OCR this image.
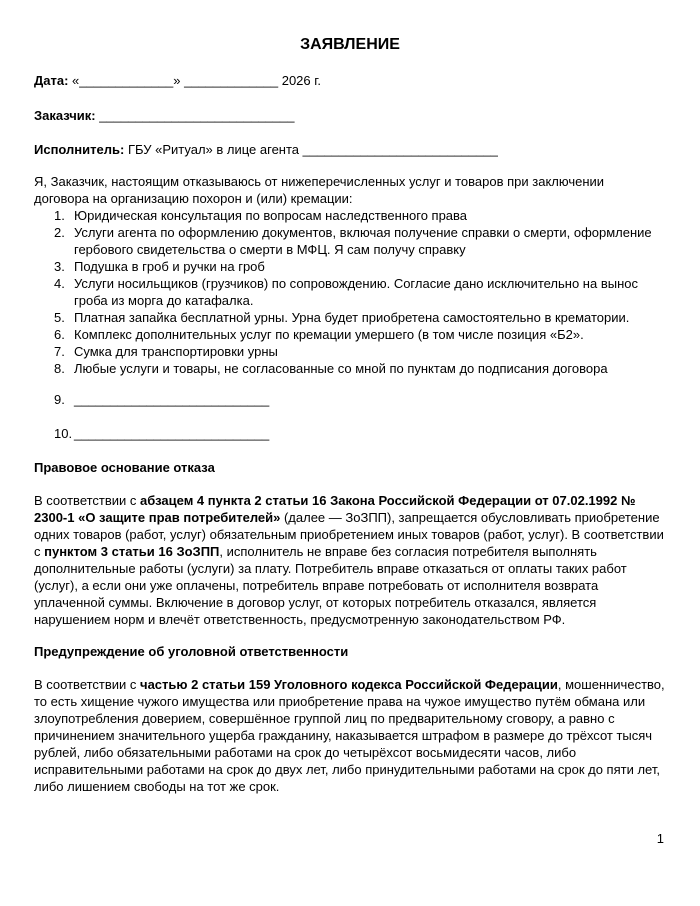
ЗАЯВЛЕНИЕ
Дата: «_____________» _____________ 2026 г.
Заказчик: ___________________________
Исполнитель: ГБУ «Ритуал» в лице агента ___________________________
Я, Заказчик, настоящим отказываюсь от нижеперечисленных услуг и товаров при заключении договора на организацию похорон и (или) кремации:
1. Юридическая консультация по вопросам наследственного права
2. Услуги агента по оформлению документов, включая получение справки о смерти, оформление гербового свидетельства о смерти в МФЦ. Я сам получу справку
3. Подушка в гроб и ручки на гроб
4. Услуги носильщиков (грузчиков) по сопровождению. Согласие дано исключительно на вынос гроба из морга до катафалка.
5. Платная запайка бесплатной урны. Урна будет приобретена самостоятельно в крематории.
6. Комплекс дополнительных услуг по кремации умершего (в том числе позиция «Б2».
7. Сумка для транспортировки урны
8. Любые услуги и товары, не согласованные со мной по пунктам до подписания договора
9. ___________________________
10. ___________________________
Правовое основание отказа
В соответствии с абзацем 4 пункта 2 статьи 16 Закона Российской Федерации от 07.02.1992 № 2300-1 «О защите прав потребителей» (далее — ЗоЗПП), запрещается обусловливать приобретение одних товаров (работ, услуг) обязательным приобретением иных товаров (работ, услуг). В соответствии с пунктом 3 статьи 16 ЗоЗПП, исполнитель не вправе без согласия потребителя выполнять дополнительные работы (услуги) за плату. Потребитель вправе отказаться от оплаты таких работ (услуг), а если они уже оплачены, потребитель вправе потребовать от исполнителя возврата уплаченной суммы. Включение в договор услуг, от которых потребитель отказался, является нарушением норм и влечёт ответственность, предусмотренную законодательством РФ.
Предупреждение об уголовной ответственности
В соответствии с частью 2 статьи 159 Уголовного кодекса Российской Федерации, мошенничество, то есть хищение чужого имущества или приобретение права на чужое имущество путём обмана или злоупотребления доверием, совершённое группой лиц по предварительному сговору, а равно с причинением значительного ущерба гражданину, наказывается штрафом в размере до трёхсот тысяч рублей, либо обязательными работами на срок до четырёхсот восьмидесяти часов, либо исправительными работами на срок до двух лет, либо принудительными работами на срок до пяти лет, либо лишением свободы на тот же срок.
1
